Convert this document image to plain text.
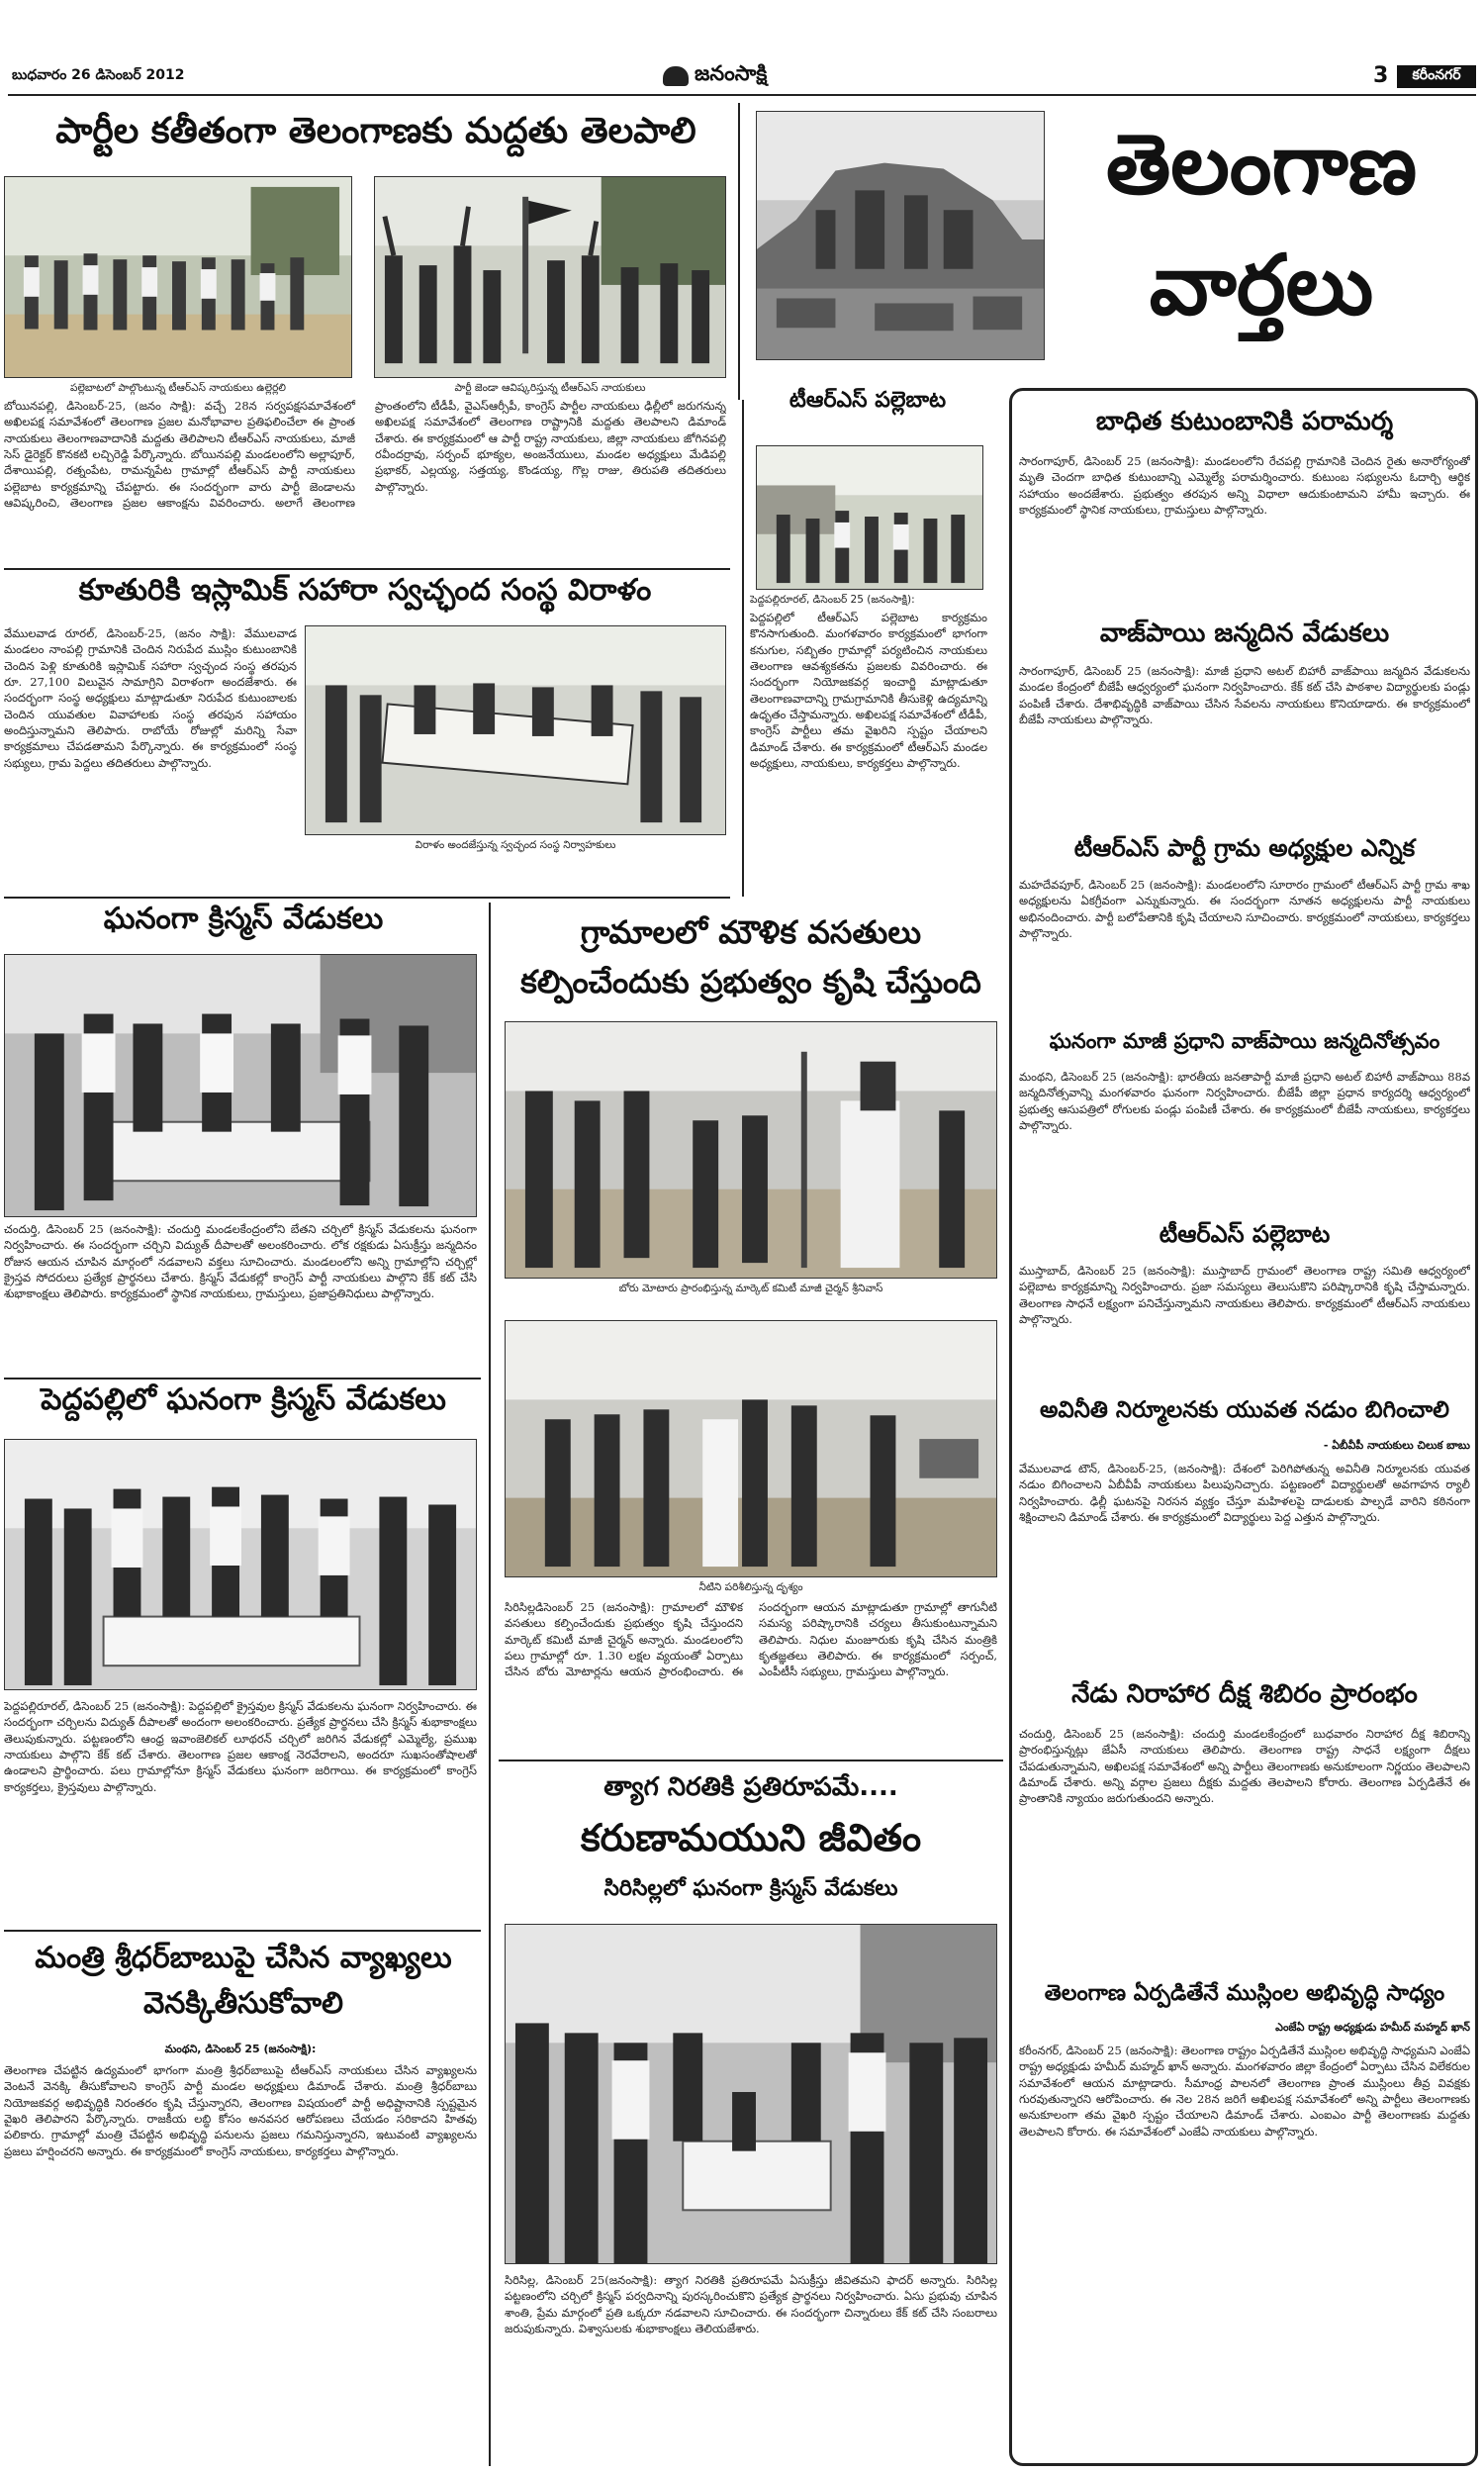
బుధవారం 26 డిసెంబర్ 2012	జనంసాక్షి	3	కరీంనగర్
పార్టీల కతీతంగా తెలంగాణకు మద్దతు తెలపాలి
పల్లెబాటలో పాల్గొంటున్న టీఆర్ఎస్ నాయకులు ఉల్లెర్లలి	పార్టీ జెండా ఆవిష్కరిస్తున్న టీఆర్ఎస్ నాయకులు
బోయినపల్లి, డిసెంబర్-25, (జనం సాక్షి): వచ్చే 28న సర్వపక్షసమావేశంలో అఖిలపక్ష సమావేశంలో తెలంగాణ ప్రజల మనోభావాల ప్రతిఫలించేలా ఈ ప్రాంత నాయకులు తెలంగాణవాదానికి మద్దతు తెలిపాలని టీఆర్ఎస్ నాయకులు, మాజీ సెస్ డైరెక్టర్ కొనకటి లచ్చిరెడ్డి పేర్కొన్నారు. బోయినపల్లి మండలంలోని అల్లాపూర్, దేశాయిపల్లి, రత్నంపేట, రామన్నపేట గ్రామాల్లో టీఆర్ఎస్ పార్టీ నాయకులు పల్లెబాట కార్యక్రమాన్ని చేపట్టారు. ఈ సందర్భంగా వారు పార్టీ జెండాలను ఆవిష్కరించి, తెలంగాణ ప్రజల ఆకాంక్షను వివరించారు. అలాగే తెలంగాణ ప్రాంతంలోని టీడీపీ, వైఎస్ఆర్సీపీ, కాంగ్రెస్ పార్టీల నాయకులు ఢిల్లీలో జరుగనున్న అఖిలపక్ష సమావేశంలో తెలంగాణ రాష్ట్రానికి మద్దతు తెలపాలని డిమాండ్ చేశారు. ఈ కార్యక్రమంలో ఆ పార్టీ రాష్ట్ర నాయకులు, జిల్లా నాయకులు జోగినపల్లి రవీందర్రావు, సర్పంచ్ భూక్యల, అంజనేయులు, మండల అధ్యక్షులు మేడిపల్లి ప్రభాకర్, ఎల్లయ్య, సత్తయ్య, కొండయ్య, గొల్ల రాజు, తిరుపతి తదితరులు పాల్గొన్నారు.
కూతురికి ఇస్లామిక్ సహారా స్వచ్ఛంద సంస్థ విరాళం
వేములవాడ రూరల్, డిసెంబర్-25, (జనం సాక్షి): వేములవాడ మండలం నాంపల్లి గ్రామానికి చెందిన నిరుపేద ముస్లిం కుటుంబానికి చెందిన పెళ్లి కూతురికి ఇస్లామిక్ సహారా స్వచ్ఛంద సంస్థ తరపున రూ. 27,100 విలువైన సామాగ్రిని విరాళంగా అందజేశారు. ఈ సందర్భంగా సంస్థ అధ్యక్షులు మాట్లాడుతూ నిరుపేద కుటుంబాలకు చెందిన యువతుల వివాహాలకు సంస్థ తరపున సహాయం అందిస్తున్నామని తెలిపారు. రాబోయే రోజుల్లో మరిన్ని సేవా కార్యక్రమాలు చేపడతామని పేర్కొన్నారు. ఈ కార్యక్రమంలో సంస్థ సభ్యులు, గ్రామ పెద్దలు తదితరులు పాల్గొన్నారు.
విరాళం అందజేస్తున్న స్వచ్ఛంద సంస్థ నిర్వాహకులు
తెలంగాణ
వార్తలు
టీఆర్ఎస్ పల్లెబాట
పెద్దపల్లిరూరల్, డిసెంబర్ 25 (జనంసాక్షి):
పెద్దపల్లిలో టీఆర్ఎస్ పల్లెబాట కార్యక్రమం కొనసాగుతుంది. మంగళవారం కార్యక్రమంలో భాగంగా కనుగుల, సబ్బితం గ్రామాల్లో పర్యటించిన నాయకులు తెలంగాణ ఆవశ్యకతను ప్రజలకు వివరించారు. ఈ సందర్భంగా నియోజకవర్గ ఇంచార్జి మాట్లాడుతూ తెలంగాణవాదాన్ని గ్రామగ్రామానికి తీసుకెళ్లి ఉద్యమాన్ని ఉధృతం చేస్తామన్నారు. అఖిలపక్ష సమావేశంలో టీడీపీ, కాంగ్రెస్ పార్టీలు తమ వైఖరిని స్పష్టం చేయాలని డిమాండ్ చేశారు. ఈ కార్యక్రమంలో టీఆర్ఎస్ మండల అధ్యక్షులు, నాయకులు, కార్యకర్తలు పాల్గొన్నారు.
బాధిత కుటుంబానికి పరామర్శ
సారంగాపూర్, డిసెంబర్ 25 (జనంసాక్షి): మండలంలోని రేచపల్లి గ్రామానికి చెందిన రైతు అనారోగ్యంతో మృతి చెందగా బాధిత కుటుంబాన్ని ఎమ్మెల్యే పరామర్శించారు. కుటుంబ సభ్యులను ఓదార్చి ఆర్థిక సహాయం అందజేశారు. ప్రభుత్వం తరపున అన్ని విధాలా ఆదుకుంటామని హామీ ఇచ్చారు. ఈ కార్యక్రమంలో స్థానిక నాయకులు, గ్రామస్తులు పాల్గొన్నారు.
వాజ్‌పాయి జన్మదిన వేడుకలు
సారంగాపూర్, డిసెంబర్ 25 (జనంసాక్షి): మాజీ ప్రధాని అటల్ బిహారీ వాజ్‌పాయి జన్మదిన వేడుకలను మండల కేంద్రంలో బీజేపీ ఆధ్వర్యంలో ఘనంగా నిర్వహించారు. కేక్ కట్ చేసి పాఠశాల విద్యార్థులకు పండ్లు పంపిణీ చేశారు. దేశాభివృద్ధికి వాజ్‌పాయి చేసిన సేవలను నాయకులు కొనియాడారు. ఈ కార్యక్రమంలో బీజేపీ నాయకులు పాల్గొన్నారు.
టీఆర్ఎస్ పార్టీ గ్రామ అధ్యక్షుల ఎన్నిక
మహదేవపూర్, డిసెంబర్ 25 (జనంసాక్షి): మండలంలోని సూరారం గ్రామంలో టీఆర్ఎస్ పార్టీ గ్రామ శాఖ అధ్యక్షులను ఏకగ్రీవంగా ఎన్నుకున్నారు. ఈ సందర్భంగా నూతన అధ్యక్షులను పార్టీ నాయకులు అభినందించారు. పార్టీ బలోపేతానికి కృషి చేయాలని సూచించారు. కార్యక్రమంలో నాయకులు, కార్యకర్తలు పాల్గొన్నారు.
ఘనంగా మాజీ ప్రధాని వాజ్‌పాయి జన్మదినోత్సవం
మంథని, డిసెంబర్ 25 (జనంసాక్షి): భారతీయ జనతాపార్టీ మాజీ ప్రధాని అటల్ బిహారీ వాజ్‌పాయి 88వ జన్మదినోత్సవాన్ని మంగళవారం ఘనంగా నిర్వహించారు. బీజేపీ జిల్లా ప్రధాన కార్యదర్శి ఆధ్వర్యంలో ప్రభుత్వ ఆసుపత్రిలో రోగులకు పండ్లు పంపిణీ చేశారు. ఈ కార్యక్రమంలో బీజేపీ నాయకులు, కార్యకర్తలు పాల్గొన్నారు.
టీఆర్ఎస్ పల్లెబాట
ముస్తాబాద్, డిసెంబర్ 25 (జనంసాక్షి): ముస్తాబాద్ గ్రామంలో తెలంగాణ రాష్ట్ర సమితి ఆధ్వర్యంలో పల్లెబాట కార్యక్రమాన్ని నిర్వహించారు. ప్రజా సమస్యలు తెలుసుకొని పరిష్కారానికి కృషి చేస్తామన్నారు. తెలంగాణ సాధనే లక్ష్యంగా పనిచేస్తున్నామని నాయకులు తెలిపారు. కార్యక్రమంలో టీఆర్ఎస్ నాయకులు పాల్గొన్నారు.
అవినీతి నిర్మూలనకు యువత నడుం బిగించాలి
- ఏబీవీపీ నాయకులు చిలుక బాబు
వేములవాడ టౌన్, డిసెంబర్-25, (జనంసాక్షి): దేశంలో పెరిగిపోతున్న అవినీతి నిర్మూలనకు యువత నడుం బిగించాలని ఏబీవీపీ నాయకులు పిలుపునిచ్చారు. పట్టణంలో విద్యార్థులతో అవగాహన ర్యాలీ నిర్వహించారు. ఢిల్లీ ఘటనపై నిరసన వ్యక్తం చేస్తూ మహిళలపై దాడులకు పాల్పడే వారిని కఠినంగా శిక్షించాలని డిమాండ్ చేశారు. ఈ కార్యక్రమంలో విద్యార్థులు పెద్ద ఎత్తున పాల్గొన్నారు.
నేడు నిరాహార దీక్ష శిబిరం ప్రారంభం
చందుర్తి, డిసెంబర్ 25 (జనంసాక్షి): చందుర్తి మండలకేంద్రంలో బుధవారం నిరాహార దీక్ష శిబిరాన్ని ప్రారంభిస్తున్నట్లు జేఏసీ నాయకులు తెలిపారు. తెలంగాణ రాష్ట్ర సాధనే లక్ష్యంగా దీక్షలు చేపడుతున్నామని, అఖిలపక్ష సమావేశంలో అన్ని పార్టీలు తెలంగాణకు అనుకూలంగా నిర్ణయం తెలపాలని డిమాండ్ చేశారు. అన్ని వర్గాల ప్రజలు దీక్షకు మద్దతు తెలపాలని కోరారు. తెలంగాణ ఏర్పడితేనే ఈ ప్రాంతానికి న్యాయం జరుగుతుందని అన్నారు.
తెలంగాణ ఏర్పడితేనే ముస్లింల అభివృద్ధి సాధ్యం
ఎంజేఏ రాష్ట్ర అధ్యక్షుడు హమీద్ మహ్మద్ ఖాన్
కరీంనగర్, డిసెంబర్ 25 (జనంసాక్షి): తెలంగాణ రాష్ట్రం ఏర్పడితేనే ముస్లింల అభివృద్ధి సాధ్యమని ఎంజేఏ రాష్ట్ర అధ్యక్షుడు హమీద్ మహ్మద్ ఖాన్ అన్నారు. మంగళవారం జిల్లా కేంద్రంలో ఏర్పాటు చేసిన విలేకరుల సమావేశంలో ఆయన మాట్లాడారు. సీమాంధ్ర పాలనలో తెలంగాణ ప్రాంత ముస్లింలు తీవ్ర వివక్షకు గురవుతున్నారని ఆరోపించారు. ఈ నెల 28న జరిగే అఖిలపక్ష సమావేశంలో అన్ని పార్టీలు తెలంగాణకు అనుకూలంగా తమ వైఖరి స్పష్టం చేయాలని డిమాండ్ చేశారు. ఎంఐఎం పార్టీ తెలంగాణకు మద్దతు తెలపాలని కోరారు. ఈ సమావేశంలో ఎంజేఏ నాయకులు పాల్గొన్నారు.
ఘనంగా క్రిస్మస్ వేడుకలు
చందుర్తి, డిసెంబర్ 25 (జనంసాక్షి): చందుర్తి మండలకేంద్రంలోని బేతని చర్చిలో క్రిస్మస్ వేడుకలను ఘనంగా నిర్వహించారు. ఈ సందర్భంగా చర్చిని విద్యుత్ దీపాలతో అలంకరించారు. లోక రక్షకుడు ఏసుక్రీస్తు జన్మదినం రోజున ఆయన చూపిన మార్గంలో నడవాలని వక్తలు సూచించారు. మండలంలోని అన్ని గ్రామాల్లోని చర్చిల్లో క్రైస్తవ సోదరులు ప్రత్యేక ప్రార్థనలు చేశారు. క్రిస్మస్ వేడుకల్లో కాంగ్రెస్ పార్టీ నాయకులు పాల్గొని కేక్ కట్ చేసి శుభాకాంక్షలు తెలిపారు. కార్యక్రమంలో స్థానిక నాయకులు, గ్రామస్తులు, ప్రజాప్రతినిధులు పాల్గొన్నారు.
పెద్దపల్లిలో ఘనంగా క్రిస్మస్ వేడుకలు
పెద్దపల్లిరూరల్, డిసెంబర్ 25 (జనంసాక్షి): పెద్దపల్లిలో క్రైస్తవుల క్రిస్మస్ వేడుకలను ఘనంగా నిర్వహించారు. ఈ సందర్భంగా చర్చిలను విద్యుత్ దీపాలతో అందంగా అలంకరించారు. ప్రత్యేక ప్రార్థనలు చేసి క్రిస్మస్ శుభాకాంక్షలు తెలుపుకున్నారు. పట్టణంలోని ఆంధ్ర ఇవాంజెలికల్ లూథరన్ చర్చిలో జరిగిన వేడుకల్లో ఎమ్మెల్యే, ప్రముఖ నాయకులు పాల్గొని కేక్ కట్ చేశారు. తెలంగాణ ప్రజల ఆకాంక్ష నెరవేరాలని, అందరూ సుఖసంతోషాలతో ఉండాలని ప్రార్థించారు. పలు గ్రామాల్లోనూ క్రిస్మస్ వేడుకలు ఘనంగా జరిగాయి. ఈ కార్యక్రమంలో కాంగ్రెస్ కార్యకర్తలు, క్రైస్తవులు పాల్గొన్నారు.
మంత్రి శ్రీధర్‌బాబుపై చేసిన వ్యాఖ్యలు
వెనక్కితీసుకోవాలి
మంథని, డిసెంబర్ 25 (జనంసాక్షి):
తెలంగాణ చేపట్టిన ఉద్యమంలో భాగంగా మంత్రి శ్రీధర్‌బాబుపై టీఆర్ఎస్ నాయకులు చేసిన వ్యాఖ్యలను వెంటనే వెనక్కి తీసుకోవాలని కాంగ్రెస్ పార్టీ మండల అధ్యక్షులు డిమాండ్ చేశారు. మంత్రి శ్రీధర్‌బాబు నియోజకవర్గ అభివృద్ధికి నిరంతరం కృషి చేస్తున్నారని, తెలంగాణ విషయంలో పార్టీ అధిష్టానానికి స్పష్టమైన వైఖరి తెలిపారని పేర్కొన్నారు. రాజకీయ లబ్ధి కోసం అనవసర ఆరోపణలు చేయడం సరికాదని హితవు పలికారు. గ్రామాల్లో మంత్రి చేపట్టిన అభివృద్ధి పనులను ప్రజలు గమనిస్తున్నారని, ఇటువంటి వ్యాఖ్యలను ప్రజలు హర్షించరని అన్నారు. ఈ కార్యక్రమంలో కాంగ్రెస్ నాయకులు, కార్యకర్తలు పాల్గొన్నారు.
గ్రామాలలో మౌళిక వసతులు
కల్పించేందుకు ప్రభుత్వం కృషి చేస్తుంది
బోరు మోటారు ప్రారంభిస్తున్న మార్కెట్ కమిటీ మాజీ చైర్మన్ శ్రీనివాస్
నీటిని పరిశీలిస్తున్న దృశ్యం
సిరిసిల్లడిసెంబర్ 25 (జనంసాక్షి): గ్రామాలలో మౌళిక వసతులు కల్పించేందుకు ప్రభుత్వం కృషి చేస్తుందని మార్కెట్ కమిటీ మాజీ చైర్మన్ అన్నారు. మండలంలోని పలు గ్రామాల్లో రూ. 1.30 లక్షల వ్యయంతో ఏర్పాటు చేసిన బోరు మోటార్లను ఆయన ప్రారంభించారు. ఈ సందర్భంగా ఆయన మాట్లాడుతూ గ్రామాల్లో తాగునీటి సమస్య పరిష్కారానికి చర్యలు తీసుకుంటున్నామని తెలిపారు. నిధుల మంజూరుకు కృషి చేసిన మంత్రికి కృతజ్ఞతలు తెలిపారు. ఈ కార్యక్రమంలో సర్పంచ్, ఎంపీటీసీ సభ్యులు, గ్రామస్తులు పాల్గొన్నారు.
త్యాగ నిరతికి ప్రతిరూపమే....
కరుణామయుని జీవితం
సిరిసిల్లలో ఘనంగా క్రిస్మస్ వేడుకలు
సిరిసిల్ల, డిసెంబర్ 25(జనంసాక్షి): త్యాగ నిరతికి ప్రతిరూపమే ఏసుక్రీస్తు జీవితమని ఫాదర్ అన్నారు. సిరిసిల్ల పట్టణంలోని చర్చిలో క్రిస్మస్ పర్వదినాన్ని పురస్కరించుకొని ప్రత్యేక ప్రార్థనలు నిర్వహించారు. ఏసు ప్రభువు చూపిన శాంతి, ప్రేమ మార్గంలో ప్రతి ఒక్కరూ నడవాలని సూచించారు. ఈ సందర్భంగా చిన్నారులు కేక్ కట్ చేసి సంబరాలు జరుపుకున్నారు. విశ్వాసులకు శుభాకాంక్షలు తెలియజేశారు.
